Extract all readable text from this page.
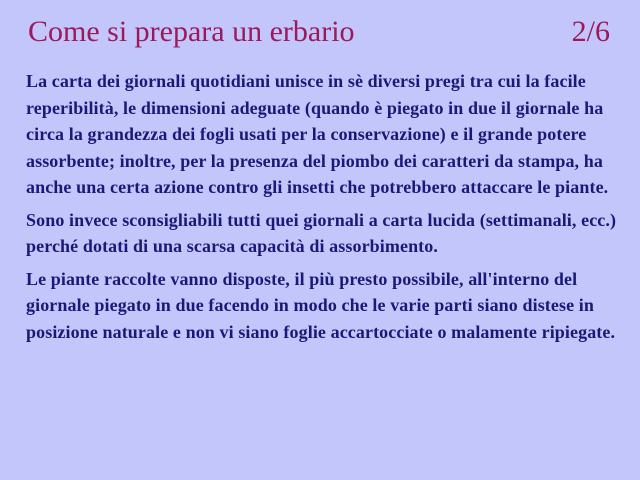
Come si prepara un erbario	2/6

La carta dei giornali quotidiani unisce in sè diversi pregi tra cui la facile reperibilità, le dimensioni adeguate (quando è piegato in due il giornale ha circa la grandezza dei fogli usati per la conservazione) e il grande potere assorbente; inoltre, per la presenza del piombo dei caratteri da stampa, ha anche una certa azione contro gli insetti che potrebbero attaccare le piante.

Sono invece sconsigliabili tutti quei giornali a carta lucida (settimanali, ecc.) perché dotati di una scarsa capacità di assorbimento.

Le piante raccolte vanno disposte, il più presto possibile, all'interno del giornale piegato in due facendo in modo che le varie parti siano distese in posizione naturale e non vi siano foglie accartocciate o malamente ripiegate.
